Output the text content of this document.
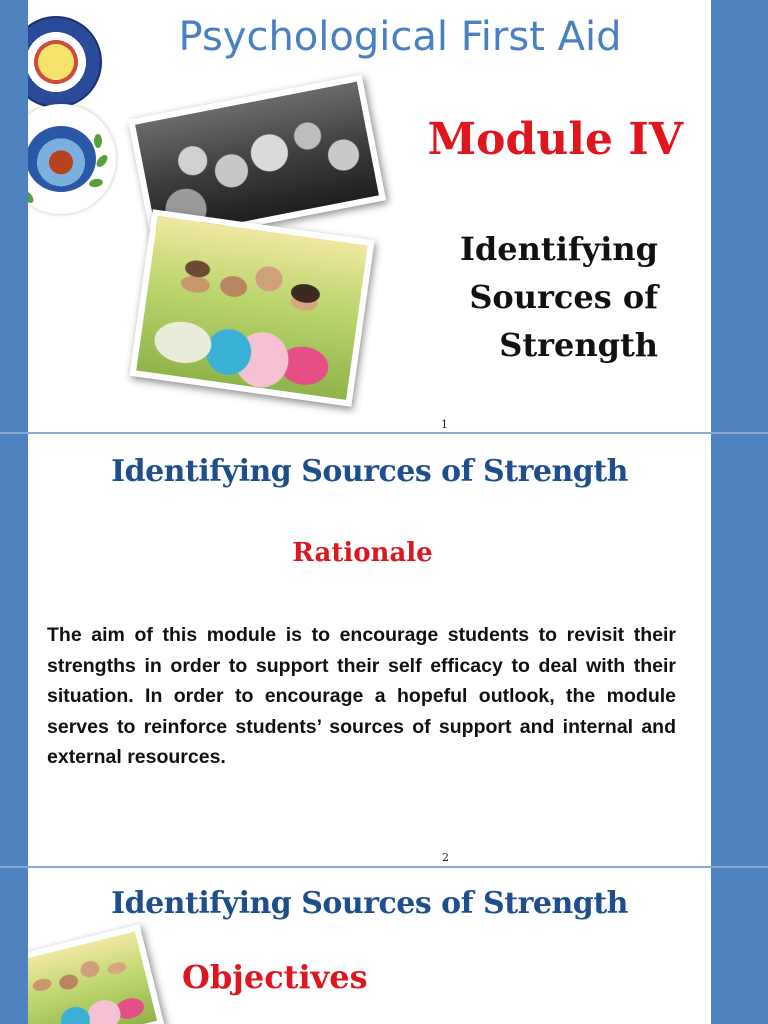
Psychological First Aid
Module IV
Identifying
Sources of
Strength
1
Identifying Sources of Strength
Rationale
The aim of this module is to encourage students to revisit their strengths in order to support their self efficacy to deal with their situation. In order to encourage a hopeful outlook, the module serves to reinforce students’ sources of support and internal and external resources.
2
Identifying Sources of Strength
Objectives
